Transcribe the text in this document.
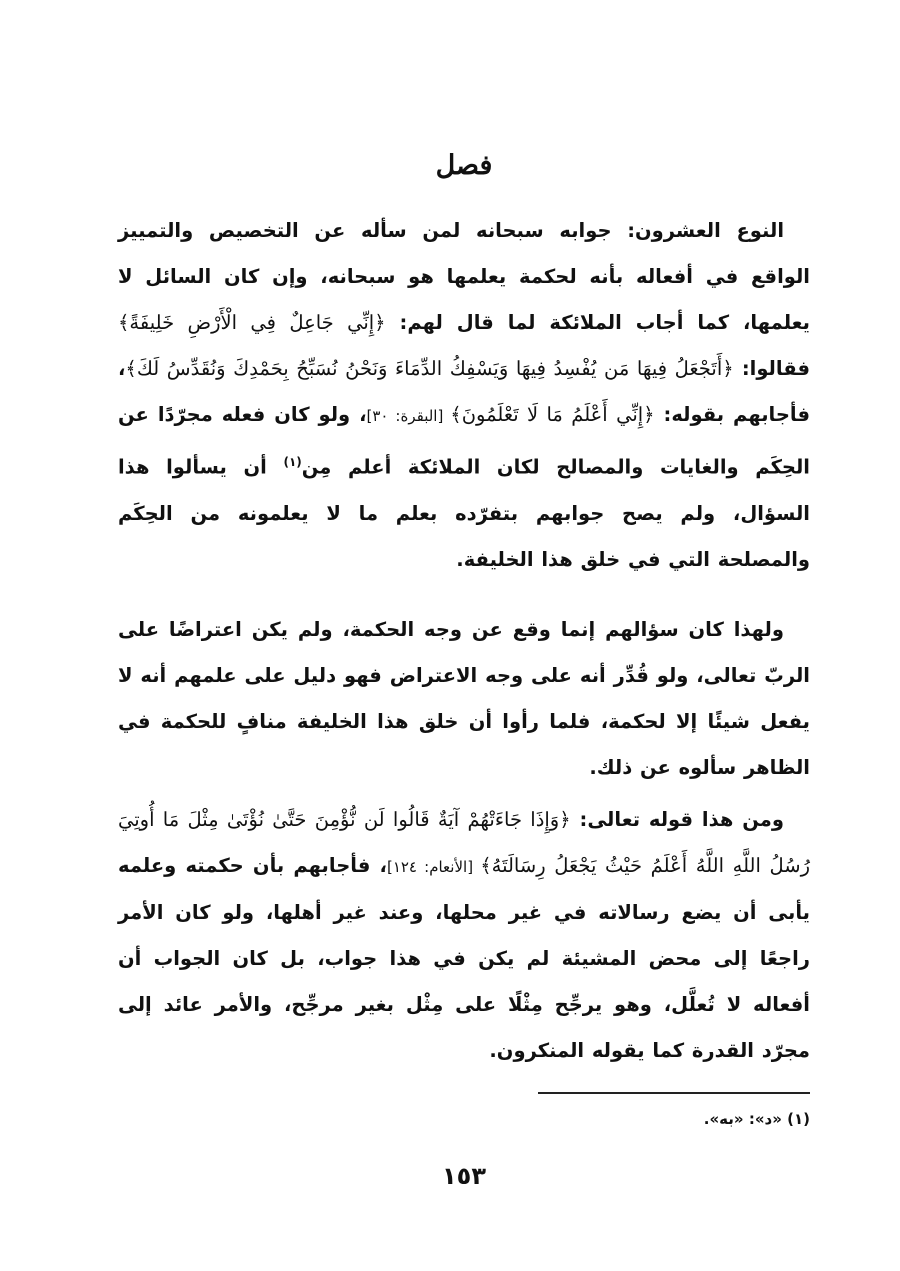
فصل

النوع العشرون: جوابه سبحانه لمن سأله عن التخصيص والتمييز الواقع في أفعاله بأنه لحكمة يعلمها هو سبحانه، وإن كان السائل لا يعلمها، كما أجاب الملائكة لما قال لهم: ﴿إِنِّي جَاعِلٌ فِي الْأَرْضِ خَلِيفَةً﴾ فقالوا: ﴿أَتَجْعَلُ فِيهَا مَن يُفْسِدُ فِيهَا وَيَسْفِكُ الدِّمَاءَ وَنَحْنُ نُسَبِّحُ بِحَمْدِكَ وَنُقَدِّسُ لَكَ﴾، فأجابهم بقوله: ﴿إِنِّي أَعْلَمُ مَا لَا تَعْلَمُونَ﴾ [البقرة: ٣٠]، ولو كان فعله مجرّدًا عن الحِكَم والغايات والمصالح لكان الملائكة أعلم مِن$^{(١)}$ أن يسألوا هذا السؤال، ولم يصح جوابهم بتفرّده بعلم ما لا يعلمونه من الحِكَم والمصلحة التي في خلق هذا الخليفة.

ولهذا كان سؤالهم إنما وقع عن وجه الحكمة، ولم يكن اعتراضًا على الربّ تعالى، ولو قُدِّر أنه على وجه الاعتراض فهو دليل على علمهم أنه لا يفعل شيئًا إلا لحكمة، فلما رأوا أن خلق هذا الخليفة منافٍ للحكمة في الظاهر سألوه عن ذلك.

ومن هذا قوله تعالى: ﴿وَإِذَا جَاءَتْهُمْ آيَةٌ قَالُوا لَن نُّؤْمِنَ حَتَّىٰ نُؤْتَىٰ مِثْلَ مَا أُوتِيَ رُسُلُ اللَّهِ اللَّهُ أَعْلَمُ حَيْثُ يَجْعَلُ رِسَالَتَهُ﴾ [الأنعام: ١٢٤]، فأجابهم بأن حكمته وعلمه يأبى أن يضع رسالاته في غير محلها، وعند غير أهلها، ولو كان الأمر راجعًا إلى محض المشيئة لم يكن في هذا جواب، بل كان الجواب أن أفعاله لا تُعلَّل، وهو يرجِّح مِثْلًا على مِثْل بغير مرجِّح، والأمر عائد إلى مجرّد القدرة كما يقوله المنكرون.

(١) «د»: «به».

١٥٣
